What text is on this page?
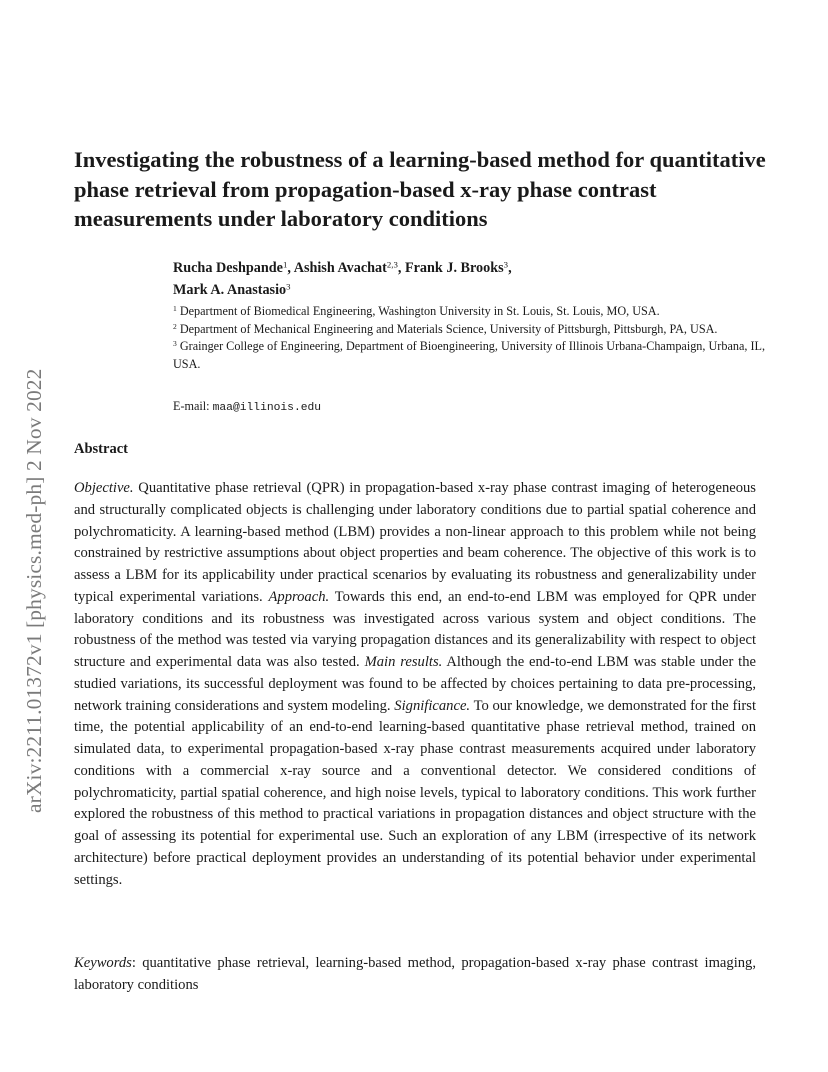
arXiv:2211.01372v1 [physics.med-ph] 2 Nov 2022
Investigating the robustness of a learning-based method for quantitative phase retrieval from propagation-based x-ray phase contrast measurements under laboratory conditions
Rucha Deshpande$^1$, Ashish Avachat$^{2,3}$, Frank J. Brooks$^3$,
Mark A. Anastasio$^3$

$^1$ Department of Biomedical Engineering, Washington University in St. Louis, St. Louis, MO, USA.

$^2$ Department of Mechanical Engineering and Materials Science, University of Pittsburgh, Pittsburgh, PA, USA.

$^3$ Grainger College of Engineering, Department of Bioengineering, University of Illinois Urbana-Champaign, Urbana, IL, USA.

E-mail: maa@illinois.edu
Abstract

Objective. Quantitative phase retrieval (QPR) in propagation-based x-ray phase contrast imaging of heterogeneous and structurally complicated objects is challenging under laboratory conditions due to partial spatial coherence and polychromaticity. A learning-based method (LBM) provides a non-linear approach to this problem while not being constrained by restrictive assumptions about object properties and beam coherence. The objective of this work is to assess a LBM for its applicability under practical scenarios by evaluating its robustness and generalizability under typical experimental variations. Approach. Towards this end, an end-to-end LBM was employed for QPR under laboratory conditions and its robustness was investigated across various system and object conditions. The robustness of the method was tested via varying propagation distances and its generalizability with respect to object structure and experimental data was also tested. Main results. Although the end-to-end LBM was stable under the studied variations, its successful deployment was found to be affected by choices pertaining to data pre-processing, network training considerations and system modeling. Significance. To our knowledge, we demonstrated for the first time, the potential applicability of an end-to-end learning-based quantitative phase retrieval method, trained on simulated data, to experimental propagation-based x-ray phase contrast measurements acquired under laboratory conditions with a commercial x-ray source and a conventional detector. We considered conditions of polychromaticity, partial spatial coherence, and high noise levels, typical to laboratory conditions. This work further explored the robustness of this method to practical variations in propagation distances and object structure with the goal of assessing its potential for experimental use. Such an exploration of any LBM (irrespective of its network architecture) before practical deployment provides an understanding of its potential behavior under experimental settings.

Keywords: quantitative phase retrieval, learning-based method, propagation-based x-ray phase contrast imaging, laboratory conditions
